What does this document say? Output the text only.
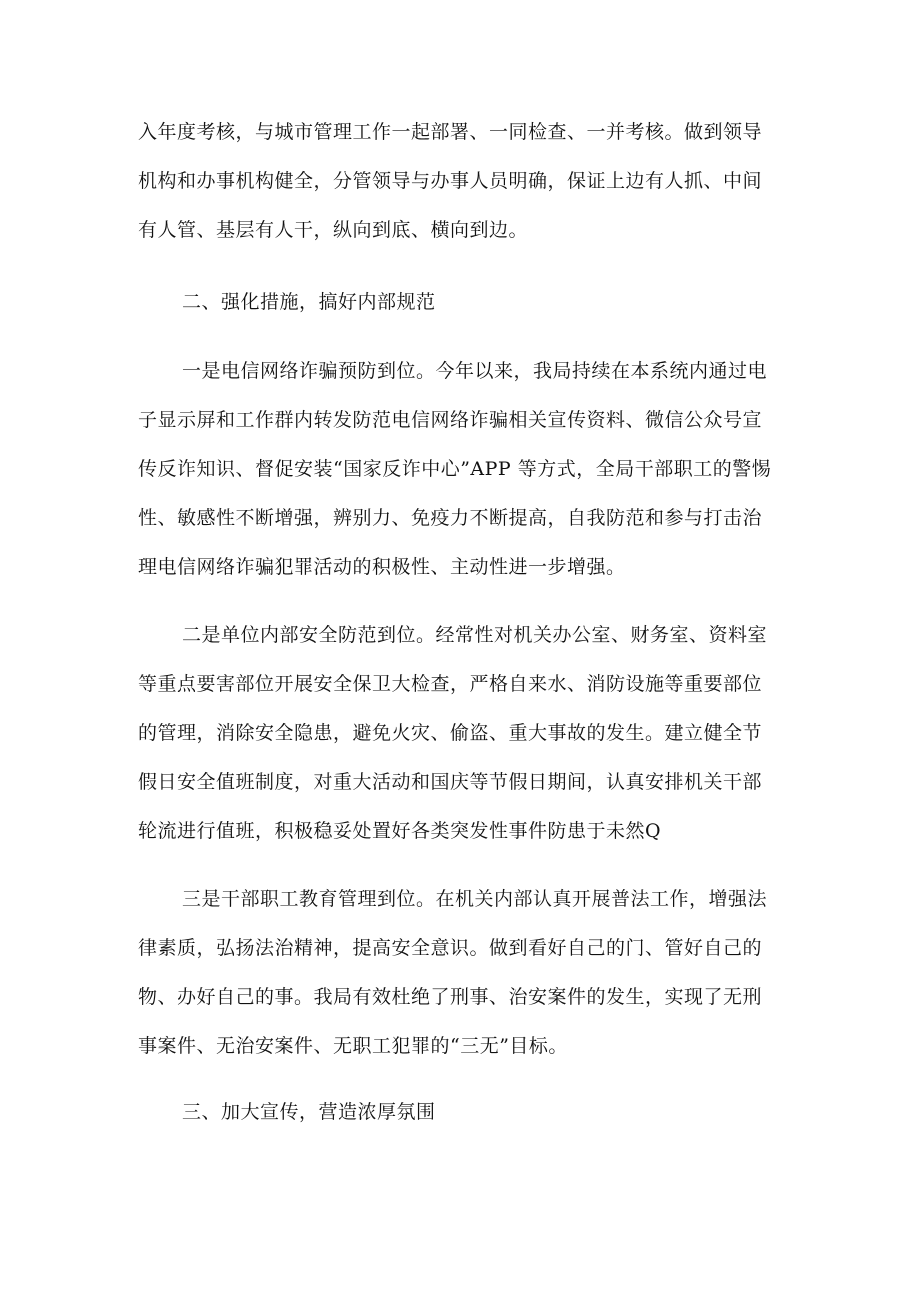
入年度考核，与城市管理工作一起部署、一同检查、一并考核。做到领导
机构和办事机构健全，分管领导与办事人员明确，保证上边有人抓、中间
有人管、基层有人干，纵向到底、横向到边。
二、强化措施，搞好内部规范
一是电信网络诈骗预防到位。今年以来，我局持续在本系统内通过电
子显示屏和工作群内转发防范电信网络诈骗相关宣传资料、微信公众号宣
传反诈知识、督促安装“国家反诈中心”APP 等方式，全局干部职工的警惕
性、敏感性不断增强，辨别力、免疫力不断提高，自我防范和参与打击治
理电信网络诈骗犯罪活动的积极性、主动性进一步增强。
二是单位内部安全防范到位。经常性对机关办公室、财务室、资料室
等重点要害部位开展安全保卫大检查，严格自来水、消防设施等重要部位
的管理，消除安全隐患，避免火灾、偷盗、重大事故的发生。建立健全节
假日安全值班制度，对重大活动和国庆等节假日期间，认真安排机关干部
轮流进行值班，积极稳妥处置好各类突发性事件防患于未然Q
三是干部职工教育管理到位。在机关内部认真开展普法工作，增强法
律素质，弘扬法治精神，提高安全意识。做到看好自己的门、管好自己的
物、办好自己的事。我局有效杜绝了刑事、治安案件的发生，实现了无刑
事案件、无治安案件、无职工犯罪的“三无”目标。
三、加大宣传，营造浓厚氛围
